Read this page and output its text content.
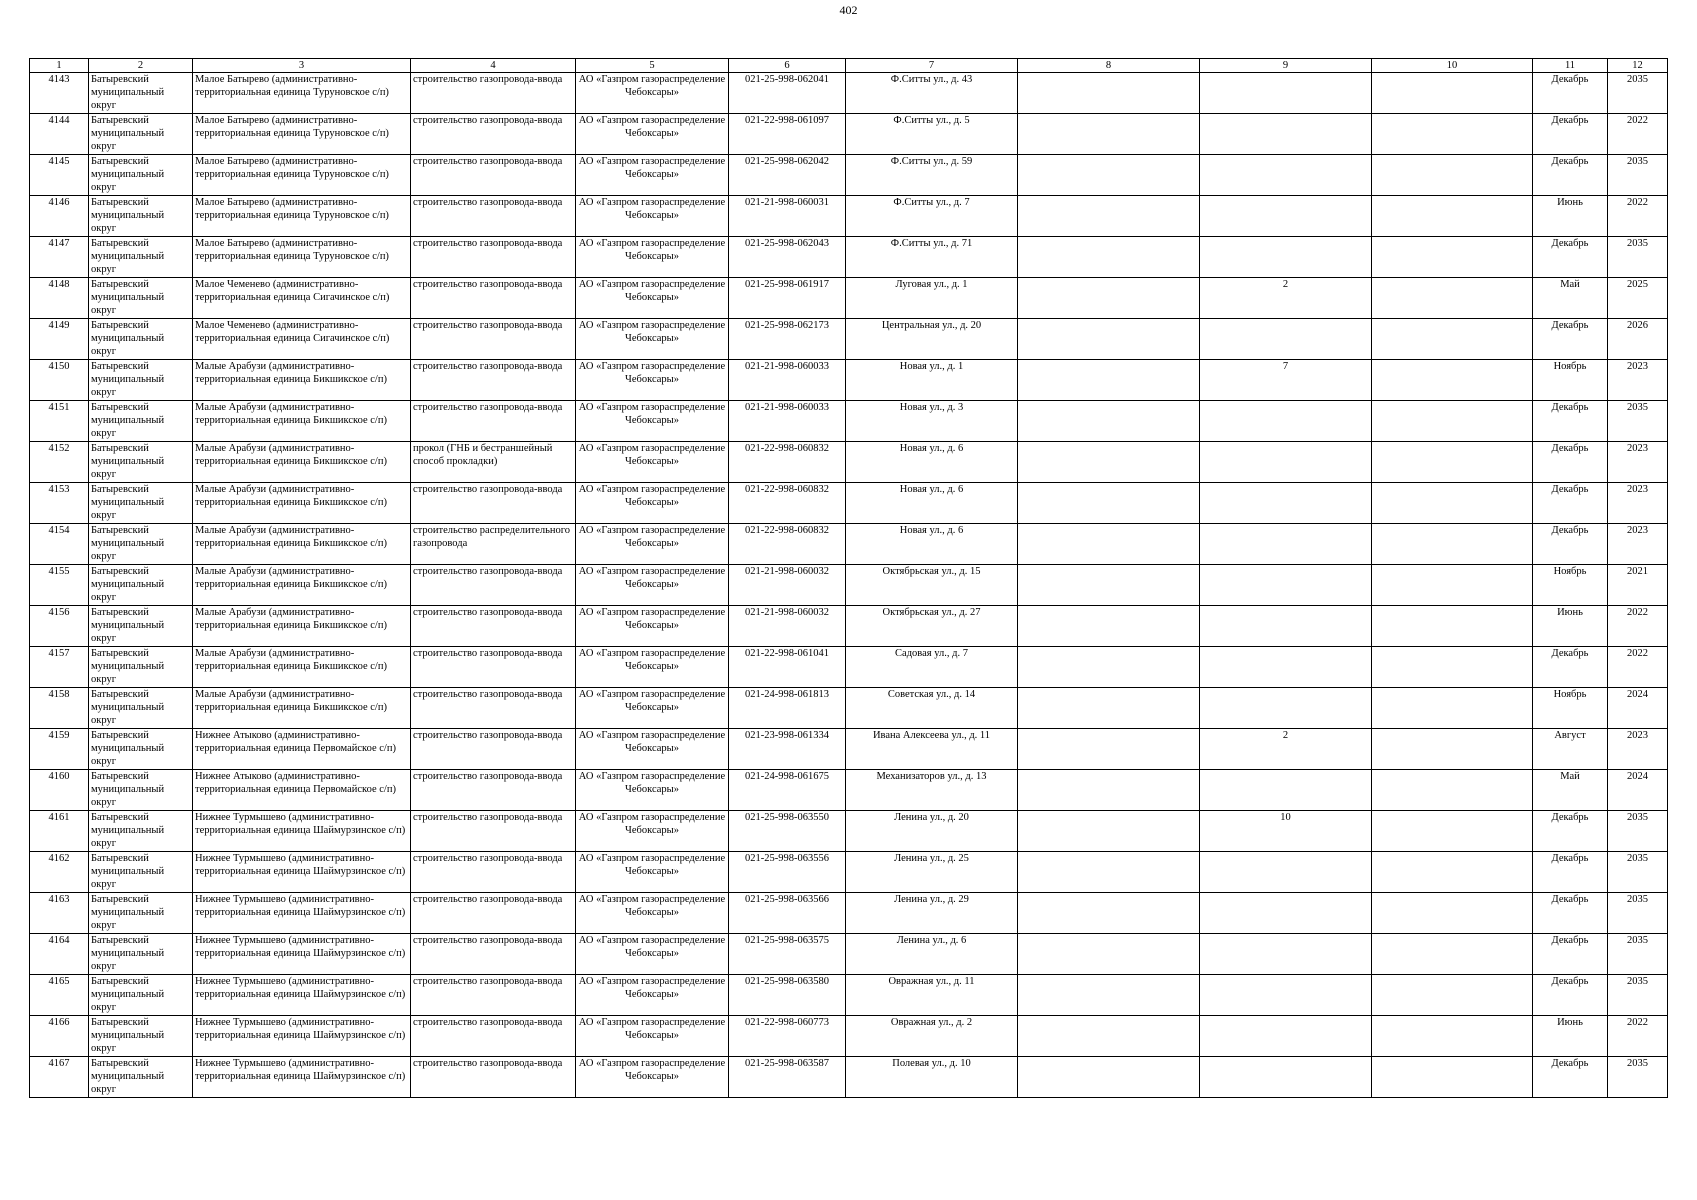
402
1	2	3	4	5	6	7	8	9	10	11	12
4143	Батыревский муниципальный округ	Малое Батырево (административно-территориальная единица Туруновское с/п)	строительство газопровода-ввода	АО «Газпром газораспределение Чебоксары»	021-25-998-062041	Ф.Ситты ул., д. 43				Декабрь	2035
4144	Батыревский муниципальный округ	Малое Батырево (административно-территориальная единица Туруновское с/п)	строительство газопровода-ввода	АО «Газпром газораспределение Чебоксары»	021-22-998-061097	Ф.Ситты ул., д. 5				Декабрь	2022
4145	Батыревский муниципальный округ	Малое Батырево (административно-территориальная единица Туруновское с/п)	строительство газопровода-ввода	АО «Газпром газораспределение Чебоксары»	021-25-998-062042	Ф.Ситты ул., д. 59				Декабрь	2035
4146	Батыревский муниципальный округ	Малое Батырево (административно-территориальная единица Туруновское с/п)	строительство газопровода-ввода	АО «Газпром газораспределение Чебоксары»	021-21-998-060031	Ф.Ситты ул., д. 7				Июнь	2022
4147	Батыревский муниципальный округ	Малое Батырево (административно-территориальная единица Туруновское с/п)	строительство газопровода-ввода	АО «Газпром газораспределение Чебоксары»	021-25-998-062043	Ф.Ситты ул., д. 71				Декабрь	2035
4148	Батыревский муниципальный округ	Малое Чеменево (административно-территориальная единица Сигачинское с/п)	строительство газопровода-ввода	АО «Газпром газораспределение Чебоксары»	021-25-998-061917	Луговая ул., д. 1		2		Май	2025
4149	Батыревский муниципальный округ	Малое Чеменево (административно-территориальная единица Сигачинское с/п)	строительство газопровода-ввода	АО «Газпром газораспределение Чебоксары»	021-25-998-062173	Центральная ул., д. 20				Декабрь	2026
4150	Батыревский муниципальный округ	Малые Арабузи (административно-территориальная единица Бикшикское с/п)	строительство газопровода-ввода	АО «Газпром газораспределение Чебоксары»	021-21-998-060033	Новая ул., д. 1		7		Ноябрь	2023
4151	Батыревский муниципальный округ	Малые Арабузи (административно-территориальная единица Бикшикское с/п)	строительство газопровода-ввода	АО «Газпром газораспределение Чебоксары»	021-21-998-060033	Новая ул., д. 3				Декабрь	2035
4152	Батыревский муниципальный округ	Малые Арабузи (административно-территориальная единица Бикшикское с/п)	прокол (ГНБ и бестраншейный способ прокладки)	АО «Газпром газораспределение Чебоксары»	021-22-998-060832	Новая ул., д. 6				Декабрь	2023
4153	Батыревский муниципальный округ	Малые Арабузи (административно-территориальная единица Бикшикское с/п)	строительство газопровода-ввода	АО «Газпром газораспределение Чебоксары»	021-22-998-060832	Новая ул., д. 6				Декабрь	2023
4154	Батыревский муниципальный округ	Малые Арабузи (административно-территориальная единица Бикшикское с/п)	строительство распределительного газопровода	АО «Газпром газораспределение Чебоксары»	021-22-998-060832	Новая ул., д. 6				Декабрь	2023
4155	Батыревский муниципальный округ	Малые Арабузи (административно-территориальная единица Бикшикское с/п)	строительство газопровода-ввода	АО «Газпром газораспределение Чебоксары»	021-21-998-060032	Октябрьская ул., д. 15				Ноябрь	2021
4156	Батыревский муниципальный округ	Малые Арабузи (административно-территориальная единица Бикшикское с/п)	строительство газопровода-ввода	АО «Газпром газораспределение Чебоксары»	021-21-998-060032	Октябрьская ул., д. 27				Июнь	2022
4157	Батыревский муниципальный округ	Малые Арабузи (административно-территориальная единица Бикшикское с/п)	строительство газопровода-ввода	АО «Газпром газораспределение Чебоксары»	021-22-998-061041	Садовая ул., д. 7				Декабрь	2022
4158	Батыревский муниципальный округ	Малые Арабузи (административно-территориальная единица Бикшикское с/п)	строительство газопровода-ввода	АО «Газпром газораспределение Чебоксары»	021-24-998-061813	Советская ул., д. 14				Ноябрь	2024
4159	Батыревский муниципальный округ	Нижнее Атыково (административно-территориальная единица Первомайское с/п)	строительство газопровода-ввода	АО «Газпром газораспределение Чебоксары»	021-23-998-061334	Ивана Алексеева ул., д. 11		2		Август	2023
4160	Батыревский муниципальный округ	Нижнее Атыково (административно-территориальная единица Первомайское с/п)	строительство газопровода-ввода	АО «Газпром газораспределение Чебоксары»	021-24-998-061675	Механизаторов ул., д. 13				Май	2024
4161	Батыревский муниципальный округ	Нижнее Турмышево (административно-территориальная единица Шаймурзинское с/п)	строительство газопровода-ввода	АО «Газпром газораспределение Чебоксары»	021-25-998-063550	Ленина ул., д. 20		10		Декабрь	2035
4162	Батыревский муниципальный округ	Нижнее Турмышево (административно-территориальная единица Шаймурзинское с/п)	строительство газопровода-ввода	АО «Газпром газораспределение Чебоксары»	021-25-998-063556	Ленина ул., д. 25				Декабрь	2035
4163	Батыревский муниципальный округ	Нижнее Турмышево (административно-территориальная единица Шаймурзинское с/п)	строительство газопровода-ввода	АО «Газпром газораспределение Чебоксары»	021-25-998-063566	Ленина ул., д. 29				Декабрь	2035
4164	Батыревский муниципальный округ	Нижнее Турмышево (административно-территориальная единица Шаймурзинское с/п)	строительство газопровода-ввода	АО «Газпром газораспределение Чебоксары»	021-25-998-063575	Ленина ул., д. 6				Декабрь	2035
4165	Батыревский муниципальный округ	Нижнее Турмышево (административно-территориальная единица Шаймурзинское с/п)	строительство газопровода-ввода	АО «Газпром газораспределение Чебоксары»	021-25-998-063580	Овражная ул., д. 11				Декабрь	2035
4166	Батыревский муниципальный округ	Нижнее Турмышево (административно-территориальная единица Шаймурзинское с/п)	строительство газопровода-ввода	АО «Газпром газораспределение Чебоксары»	021-22-998-060773	Овражная ул., д. 2				Июнь	2022
4167	Батыревский муниципальный округ	Нижнее Турмышево (административно-территориальная единица Шаймурзинское с/п)	строительство газопровода-ввода	АО «Газпром газораспределение Чебоксары»	021-25-998-063587	Полевая ул., д. 10				Декабрь	2035
